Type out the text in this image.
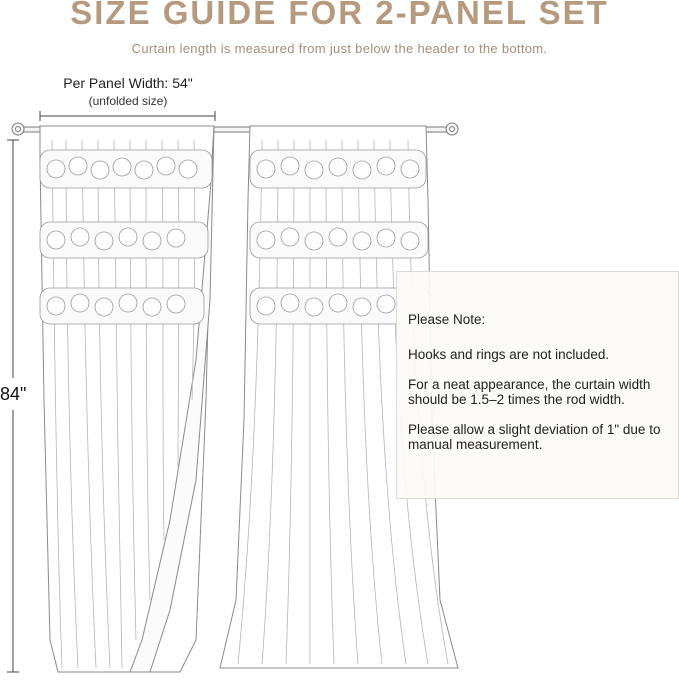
SIZE GUIDE FOR 2-PANEL SET
Curtain length is measured from just below the header to the bottom.
Per Panel Width: 54"
(unfolded size)
84"

Please Note:

Hooks and rings are not included.

For a neat appearance, the curtain width should be 1.5–2 times the rod width.

Please allow a slight deviation of 1" due to manual measurement.
